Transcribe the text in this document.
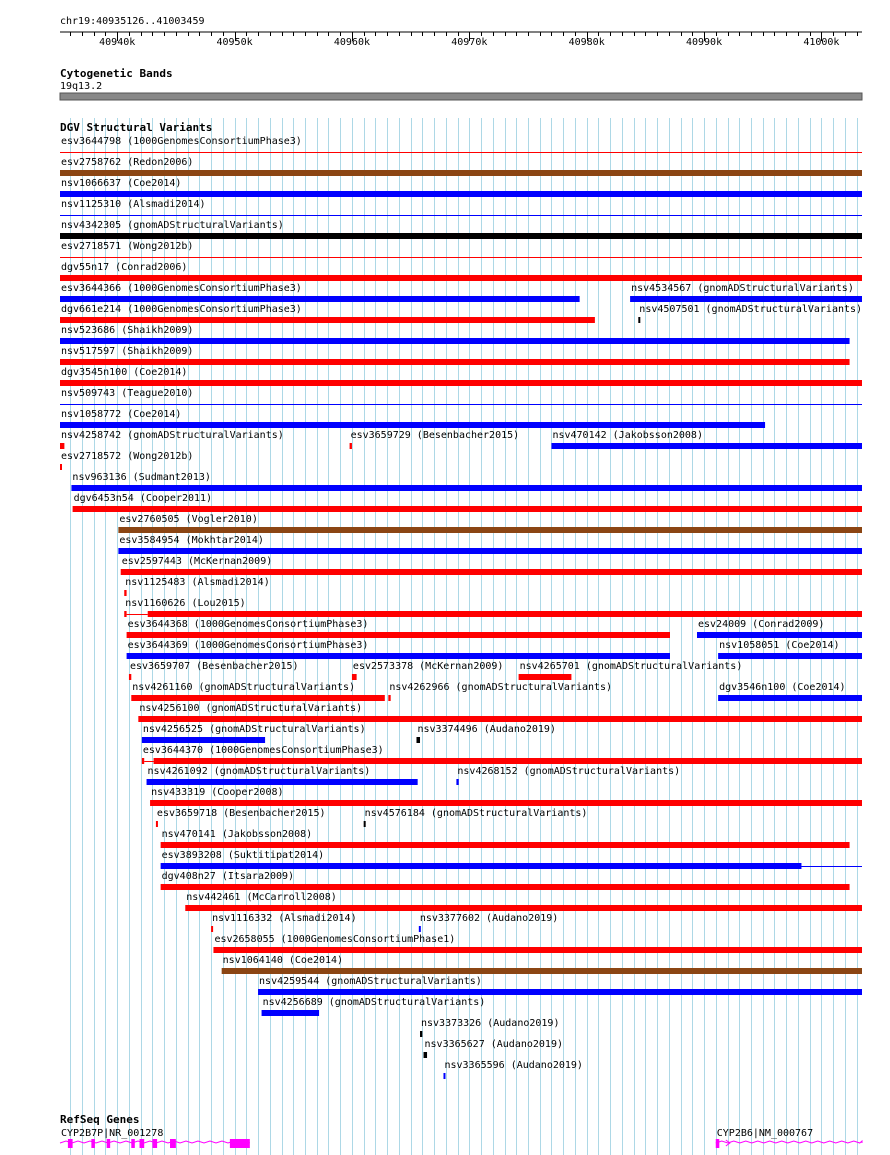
chr19:40935126..41003459
40940k	40950k	40960k	40970k	40980k	40990k	41000k
Cytogenetic Bands
19q13.2
DGV Structural Variants
esv3644798 (1000GenomesConsortiumPhase3)
esv2758762 (Redon2006)
nsv1066637 (Coe2014)
nsv1125310 (Alsmadi2014)
nsv4342305 (gnomADStructuralVariants)
esv2718571 (Wong2012b)
dgv55n17 (Conrad2006)
esv3644366 (1000GenomesConsortiumPhase3)	nsv4534567 (gnomADStructuralVariants)
dgv661e214 (1000GenomesConsortiumPhase3)	nsv4507501 (gnomADStructuralVariants)
nsv523686 (Shaikh2009)
nsv517597 (Shaikh2009)
dgv3545n100 (Coe2014)
nsv509743 (Teague2010)
nsv1058772 (Coe2014)
nsv4258742 (gnomADStructuralVariants)	esv3659729 (Besenbacher2015)	nsv470142 (Jakobsson2008)
esv2718572 (Wong2012b)
nsv963136 (Sudmant2013)
dgv6453n54 (Cooper2011)
esv2760505 (Vogler2010)
esv3584954 (Mokhtar2014)
esv2597443 (McKernan2009)
nsv1125483 (Alsmadi2014)
nsv1160626 (Lou2015)
esv3644368 (1000GenomesConsortiumPhase3)	esv24009 (Conrad2009)
esv3644369 (1000GenomesConsortiumPhase3)	nsv1058051 (Coe2014)
esv3659707 (Besenbacher2015)	esv2573378 (McKernan2009) nsv4265701 (gnomADStructuralVariants)
nsv4261160 (gnomADStructuralVariants)	nsv4262966 (gnomADStructuralVariants)	dgv3546n100 (Coe2014)
nsv4256100 (gnomADStructuralVariants)
nsv4256525 (gnomADStructuralVariants)	nsv3374496 (Audano2019)
esv3644370 (1000GenomesConsortiumPhase3)
nsv4261092 (gnomADStructuralVariants)	nsv4268152 (gnomADStructuralVariants)
nsv433319 (Cooper2008)
esv3659718 (Besenbacher2015)	nsv4576184 (gnomADStructuralVariants)
nsv470141 (Jakobsson2008)
esv3893208 (Suktitipat2014)
dgv408n27 (Itsara2009)
nsv442461 (McCarroll2008)
nsv1116332 (Alsmadi2014)	nsv3377602 (Audano2019)
esv2658055 (1000GenomesConsortiumPhase1)
nsv1064140 (Coe2014)
nsv4259544 (gnomADStructuralVariants)
nsv4256689 (gnomADStructuralVariants)
nsv3373326 (Audano2019)
nsv3365627 (Audano2019)
nsv3365596 (Audano2019)
RefSeq Genes
CYP2B7P|NR_001278	CYP2B6|NM_000767
